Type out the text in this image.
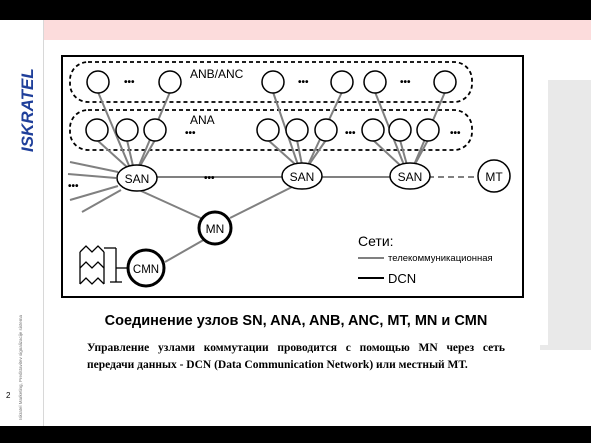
ISKRATEL
Iskratel Marketing, Predstavitev signalizacije sistema
2
ANB/ANC
ANA
•••	•••	•••
•••	•••	•••
•••
•••
SAN	SAN	SAN	MT
MN
CMN
Сети:
телекоммуникационная
DCN
Соединение узлов SN, ANA, ANB, ANC, MT, MN и CMN
Управление узлами коммутации проводится с помощью MN через сеть
передачи данных - DCN (Data Communication Network) или местный МТ.
